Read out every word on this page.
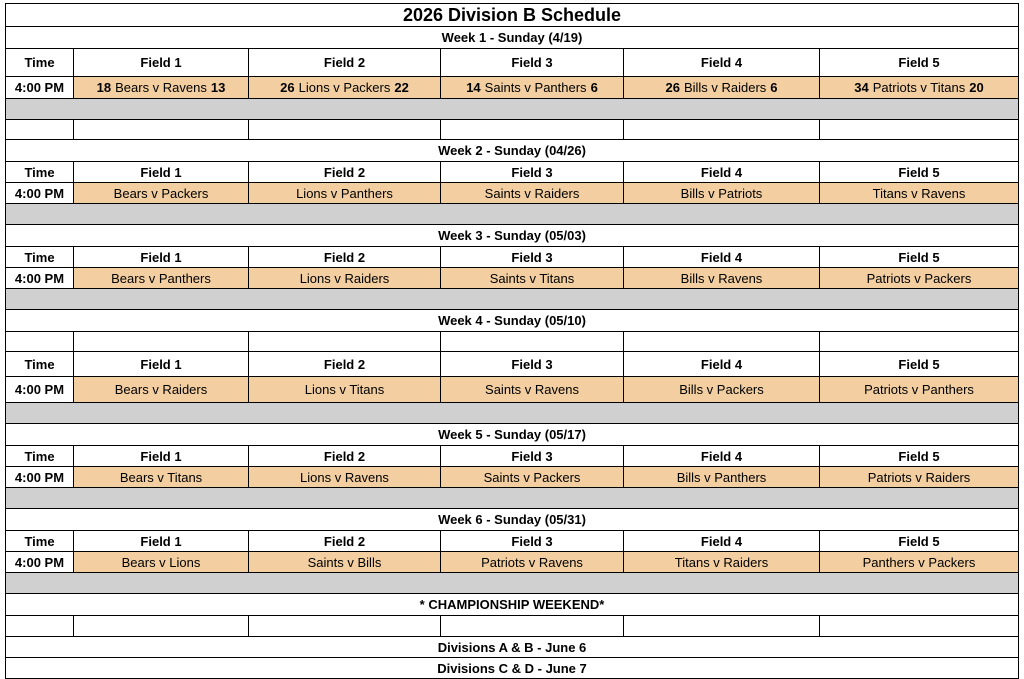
2026 Division B Schedule
Week 1 - Sunday (4/19)
Time	Field 1	Field 2	Field 3	Field 4	Field 5
4:00 PM	18 Bears v Ravens 13	26 Lions v Packers 22	14 Saints v Panthers 6	26 Bills v Raiders 6	34 Patriots v Titans 20
Week 2 - Sunday (04/26)
Time	Field 1	Field 2	Field 3	Field 4	Field 5
4:00 PM	Bears v Packers	Lions v Panthers	Saints v Raiders	Bills v Patriots	Titans v Ravens
Week 3 - Sunday (05/03)
Time	Field 1	Field 2	Field 3	Field 4	Field 5
4:00 PM	Bears v Panthers	Lions v Raiders	Saints v Titans	Bills v Ravens	Patriots v Packers
Week 4 - Sunday (05/10)
Time	Field 1	Field 2	Field 3	Field 4	Field 5
4:00 PM	Bears v Raiders	Lions v Titans	Saints v Ravens	Bills v Packers	Patriots v Panthers
Week 5 - Sunday (05/17)
Time	Field 1	Field 2	Field 3	Field 4	Field 5
4:00 PM	Bears v Titans	Lions v Ravens	Saints v Packers	Bills v Panthers	Patriots v Raiders
Week 6 - Sunday (05/31)
Time	Field 1	Field 2	Field 3	Field 4	Field 5
4:00 PM	Bears v Lions	Saints v Bills	Patriots v Ravens	Titans v Raiders	Panthers v Packers
* CHAMPIONSHIP WEEKEND*
Divisions A & B - June 6
Divisions C & D - June 7
